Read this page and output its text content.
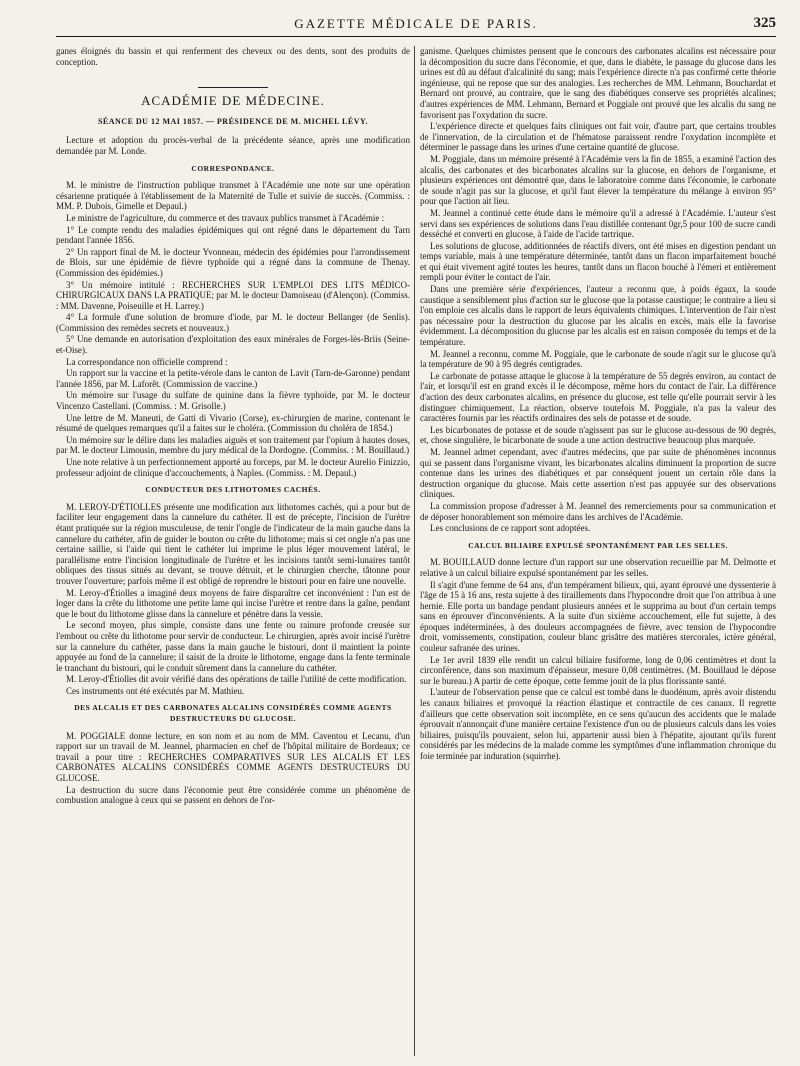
GAZETTE MÉDICALE DE PARIS.	325

ganes éloignés du bassin et qui renferment des cheveux ou des dents, sont des produits de conception.

ACADÉMIE DE MÉDECINE.
SÉANCE DU 12 MAI 1857. — PRÉSIDENCE DE M. MICHEL LÉVY.

Lecture et adoption du procès-verbal de la précédente séance, après une modification demandée par M. Londe.

CORRESPONDANCE.

M. le ministre de l'instruction publique transmet à l'Académie une note sur une opération césarienne pratiquée à l'établissement de la Maternité de Tulle et suivie de succès. (Commiss. : MM. P. Dubois, Gimelle et Depaul.)

Le ministre de l'agriculture, du commerce et des travaux publics transmet à l'Académie :

1° Le compte rendu des maladies épidémiques qui ont régné dans le département du Tarn pendant l'année 1856.

2° Un rapport final de M. le docteur Yvonneau, médecin des épidémies pour l'arrondissement de Blois, sur une épidémie de fièvre typhoïde qui a régné dans la commune de Thenay. (Commission des épidémies.)

3° Un mémoire intitulé : RECHERCHES SUR L'EMPLOI DES LITS MÉDICO-CHIRURGICAUX DANS LA PRATIQUE; par M. le docteur Damoiseau (d'Alençon). (Commiss. : MM. Davenne, Poiseuille et H. Larrey.)

4° La formule d'une solution de bromure d'iode, par M. le docteur Bellanger (de Senlis). (Commission des remèdes secrets et nouveaux.)

5° Une demande en autorisation d'exploitation des eaux minérales de Forges-lès-Briis (Seine-et-Oise).

La correspondance non officielle comprend :

Un rapport sur la vaccine et la petite-vérole dans le canton de Lavit (Tarn-de-Garonne) pendant l'année 1856, par M. Laforêt. (Commission de vaccine.)

Un mémoire sur l'usage du sulfate de quinine dans la fièvre typhoïde, par M. le docteur Vincenzo Castellani. (Commiss. : M. Grisolle.)

Une lettre de M. Maneuti, de Gatti di Vivario (Corse), ex-chirurgien de marine, contenant le résumé de quelques remarques qu'il a faites sur le choléra. (Commission du choléra de 1854.)

Un mémoire sur le délire dans les maladies aiguës et son traitement par l'opium à hautes doses, par M. le docteur Limousin, membre du jury médical de la Dordogne. (Commiss. : M. Bouillaud.)

Une note relative à un perfectionnement apporté au forceps, par M. le docteur Aurelio Finizzio, professeur adjoint de clinique d'accouchements, à Naples. (Commiss. : M. Depaul.)

CONDUCTEUR DES LITHOTOMES CACHÉS.

M. LEROY-D'ÉTIOLLES présente une modification aux lithotomes cachés, qui a pour but de faciliter leur engagement dans la cannelure du cathéter. Il est de précepte, l'incision de l'urètre étant pratiquée sur la région musculeuse, de tenir l'ongle de l'indicateur de la main gauche dans la cannelure du cathéter, afin de guider le bouton ou crête du lithotome; mais si cet ongle n'a pas une certaine saillie, si l'aide qui tient le cathéter lui imprime le plus léger mouvement latéral, le parallélisme entre l'incision longitudinale de l'urètre et les incisions tantôt semi-lunaires tantôt obliques des tissus situés au devant, se trouve détruit, et le chirurgien cherche, tâtonne pour trouver l'ouverture; parfois même il est obligé de reprendre le bistouri pour en faire une nouvelle.

M. Leroy-d'Étiolles a imaginé deux moyens de faire disparaître cet inconvénient : l'un est de loger dans la crête du lithotome une petite lame qui incise l'urètre et rentre dans la gaîne, pendant que le bout du lithotome glisse dans la cannelure et pénètre dans la vessie.

Le second moyen, plus simple, consiste dans une fente ou rainure profonde creusée sur l'embout ou crête du lithotome pour servir de conducteur. Le chirurgien, après avoir incisé l'urètre sur la cannelure du cathéter, passe dans la main gauche le bistouri, dont il maintient la pointe appuyée au fond de la cannelure; il saisit de la droite le lithotome, engage dans la fente terminale le tranchant du bistouri, qui le conduit sûrement dans la cannelure du cathéter.

M. Leroy-d'Étiolles dit avoir vérifié dans des opérations de taille l'utilité de cette modification.

Ces instruments ont été exécutés par M. Mathieu.

DES ALCALIS ET DES CARBONATES ALCALINS CONSIDÉRÉS COMME AGENTS DESTRUCTEURS DU GLUCOSE.

M. POGGIALE donne lecture, en son nom et au nom de MM. Caventou et Lecanu, d'un rapport sur un travail de M. Jeannel, pharmacien en chef de l'hôpital militaire de Bordeaux; ce travail a pour titre : RECHERCHES COMPARATIVES SUR LES ALCALIS ET LES CARBONATES ALCALINS CONSIDÉRÉS COMME AGENTS DESTRUCTEURS DU GLUCOSE.

La destruction du sucre dans l'économie peut être considérée comme un phénomène de combustion analogue à ceux qui se passent en dehors de l'or-

ganisme. Quelques chimistes pensent que le concours des carbonates alcalins est nécessaire pour la décomposition du sucre dans l'économie, et que, dans le diabète, le passage du glucose dans les urines est dû au défaut d'alcalinité du sang; mais l'expérience directe n'a pas confirmé cette théorie ingénieuse, qui ne repose que sur des analogies. Les recherches de MM. Lehmann, Bouchardat et Bernard ont prouvé, au contraire, que le sang des diabétiques conserve ses propriétés alcalines; d'autres expériences de MM. Lehmann, Bernard et Poggiale ont prouvé que les alcalis du sang ne favorisent pas l'oxydation du sucre.

L'expérience directe et quelques faits cliniques ont fait voir, d'autre part, que certains troubles de l'innervation, de la circulation et de l'hématose paraissent rendre l'oxydation incomplète et déterminer le passage dans les urines d'une certaine quantité de glucose.

M. Poggiale, dans un mémoire présenté à l'Académie vers la fin de 1855, a examiné l'action des alcalis, des carbonates et des bicarbonates alcalins sur la glucose, en dehors de l'organisme, et plusieurs expériences ont démontré que, dans le laboratoire comme dans l'économie, le carbonate de soude n'agit pas sur la glucose, et qu'il faut élever la température du mélange à environ 95° pour que l'action ait lieu.

M. Jeannel a continué cette étude dans le mémoire qu'il a adressé à l'Académie. L'auteur s'est servi dans ses expériences de solutions dans l'eau distillée contenant 0gr,5 pour 100 de sucre candi desséché et converti en glucose, à l'aide de l'acide tartrique.

Les solutions de glucose, additionnées de réactifs divers, ont été mises en digestion pendant un temps variable, mais à une température déterminée, tantôt dans un flacon imparfaitement bouché et qui était vivement agité toutes les heures, tantôt dans un flacon bouché à l'émeri et entièrement rempli pour éviter le contact de l'air.

Dans une première série d'expériences, l'auteur a reconnu que, à poids égaux, la soude caustique a sensiblement plus d'action sur le glucose que la potasse caustique; le contraire a lieu si l'on emploie ces alcalis dans le rapport de leurs équivalents chimiques. L'intervention de l'air n'est pas nécessaire pour la destruction du glucose par les alcalis en excès, mais elle la favorise évidemment. La décomposition du glucose par les alcalis est en raison composée du temps et de la température.

M. Jeannel a reconnu, comme M. Poggiale, que le carbonate de soude n'agit sur le glucose qu'à la température de 90 à 95 degrés centigrades.

Le carbonate de potasse attaque le glucose à la température de 55 degrés environ, au contact de l'air, et lorsqu'il est en grand excès il le décompose, même hors du contact de l'air. La différence d'action des deux carbonates alcalins, en présence du glucose, est telle qu'elle pourrait servir à les distinguer chimiquement. La réaction, observe toutefois M. Poggiale, n'a pas la valeur des caractères fournis par les réactifs ordinaires des sels de potasse et de soude.

Les bicarbonates de potasse et de soude n'agissent pas sur le glucose au-dessous de 90 degrés, et, chose singulière, le bicarbonate de soude a une action destructive beaucoup plus marquée.

M. Jeannel admet cependant, avec d'autres médecins, que par suite de phénomènes inconnus qui se passent dans l'organisme vivant, les bicarbonates alcalins diminuent la proportion de sucre contenue dans les urines des diabétiques et par conséquent jouent un certain rôle dans la destruction organique du glucose. Mais cette assertion n'est pas appuyée sur des observations cliniques.

La commission propose d'adresser à M. Jeannel des remerciements pour sa communication et de déposer honorablement son mémoire dans les archives de l'Académie.

Les conclusions de ce rapport sont adoptées.

CALCUL BILIAIRE EXPULSÉ SPONTANÉMENT PAR LES SELLES.

M. BOUILLAUD donne lecture d'un rapport sur une observation recueillie par M. Delmotte et relative à un calcul biliaire expulsé spontanément par les selles.

Il s'agit d'une femme de 64 ans, d'un tempérament bilieux, qui, ayant éprouvé une dyssenterie à l'âge de 15 à 16 ans, resta sujette à des tiraillements dans l'hypocondre droit que l'on attribua à une hernie. Elle porta un bandage pendant plusieurs années et le supprima au bout d'un certain temps sans en éprouver d'inconvénients. A la suite d'un sixième accouchement, elle fut sujette, à des époques indéterminées, à des douleurs accompagnées de fièvre, avec tension de l'hypocondre droit, vomissements, constipation, couleur blanc grisâtre des matières stercorales, ictère général, couleur safranée des urines.

Le 1er avril 1839 elle rendit un calcul biliaire fusiforme, long de 0,06 centimètres et dont la circonférence, dans son maximum d'épaisseur, mesure 0,08 centimètres. (M. Bouillaud le dépose sur le bureau.) A partir de cette époque, cette femme jouit de la plus florissante santé.

L'auteur de l'observation pense que ce calcul est tombé dans le duodénum, après avoir distendu les canaux biliaires et provoqué la réaction élastique et contractile de ces canaux. Il regrette d'ailleurs que cette observation soit incomplète, en ce sens qu'aucun des accidents que le malade éprouvait n'annonçait d'une manière certaine l'existence d'un ou de plusieurs calculs dans les voies biliaires, puisqu'ils pouvaient, selon lui, appartenir aussi bien à l'hépatite, ajoutant qu'ils furent considérés par les médecins de la malade comme les symptômes d'une inflammation chronique du foie terminée par induration (squirrhe).
